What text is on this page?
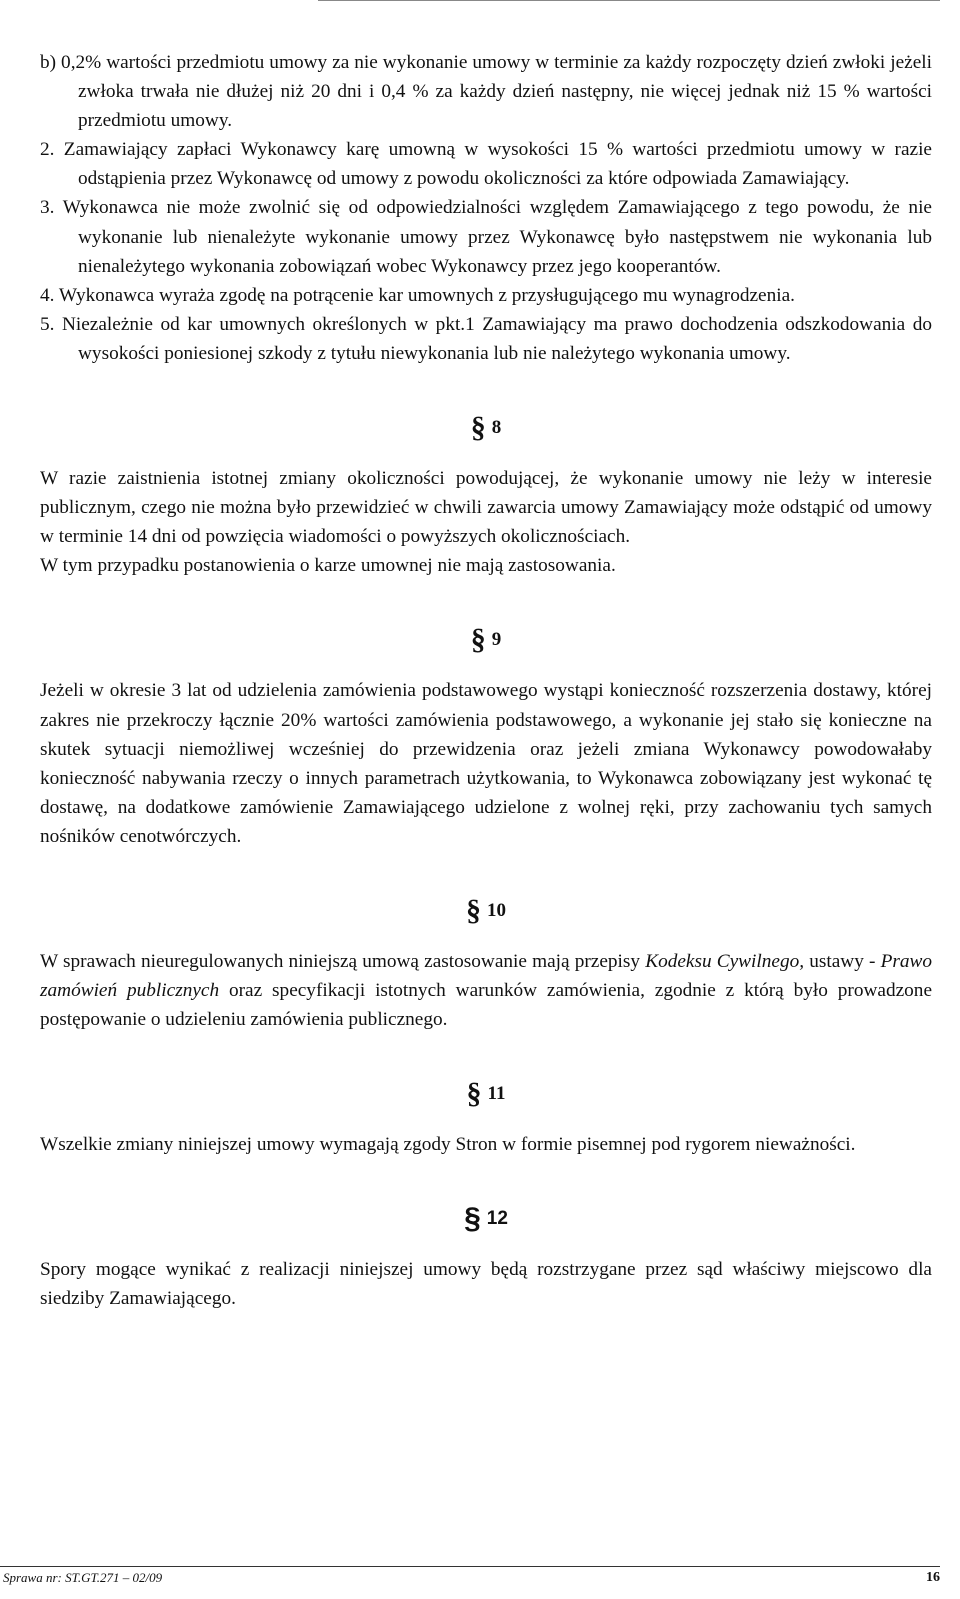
b) 0,2% wartości przedmiotu umowy za nie wykonanie umowy w terminie za każdy rozpoczęty dzień zwłoki jeżeli zwłoka trwała nie dłużej niż 20 dni i 0,4 % za każdy dzień następny, nie więcej jednak niż 15 % wartości przedmiotu umowy.

2. Zamawiający zapłaci Wykonawcy karę umowną w wysokości 15 % wartości przedmiotu umowy w razie odstąpienia przez Wykonawcę od umowy z powodu okoliczności za które odpowiada Zamawiający.

3. Wykonawca nie może zwolnić się od odpowiedzialności względem Zamawiającego z tego powodu, że nie wykonanie lub nienależyte wykonanie umowy przez Wykonawcę było następstwem nie wykonania lub nienależytego wykonania zobowiązań wobec Wykonawcy przez jego kooperantów.

4. Wykonawca wyraża zgodę na potrącenie kar umownych z przysługującego mu wynagrodzenia.

5. Niezależnie od kar umownych określonych w pkt.1 Zamawiający ma prawo dochodzenia odszkodowania do wysokości poniesionej szkody z tytułu niewykonania lub nie należytego wykonania umowy.

§ 8

W razie zaistnienia istotnej zmiany okoliczności powodującej, że wykonanie umowy nie leży w interesie publicznym, czego nie można było przewidzieć w chwili zawarcia umowy Zamawiający może odstąpić od umowy w terminie 14 dni od powzięcia wiadomości o powyższych okolicznościach.

W tym przypadku postanowienia o karze umownej nie mają zastosowania.

§ 9

Jeżeli w okresie 3 lat od udzielenia zamówienia podstawowego wystąpi konieczność rozszerzenia dostawy, której zakres nie przekroczy łącznie 20% wartości zamówienia podstawowego, a wykonanie jej stało się konieczne na skutek sytuacji niemożliwej wcześniej do przewidzenia oraz jeżeli zmiana Wykonawcy powodowałaby konieczność nabywania rzeczy o innych parametrach użytkowania, to Wykonawca zobowiązany jest wykonać tę dostawę, na dodatkowe zamówienie Zamawiającego udzielone z wolnej ręki, przy zachowaniu tych samych nośników cenotwórczych.

§ 10

W sprawach nieuregulowanych niniejszą umową zastosowanie mają przepisy Kodeksu Cywilnego, ustawy - Prawo zamówień publicznych oraz specyfikacji istotnych warunków zamówienia, zgodnie z którą było prowadzone postępowanie o udzieleniu zamówienia publicznego.

§ 11

Wszelkie zmiany niniejszej umowy wymagają zgody Stron w formie pisemnej pod rygorem nieważności.

§ 12

Spory mogące wynikać z realizacji niniejszej umowy będą rozstrzygane przez sąd właściwy miejscowo dla siedziby Zamawiającego.

Sprawa nr: ST.GT.271 – 02/09	16
